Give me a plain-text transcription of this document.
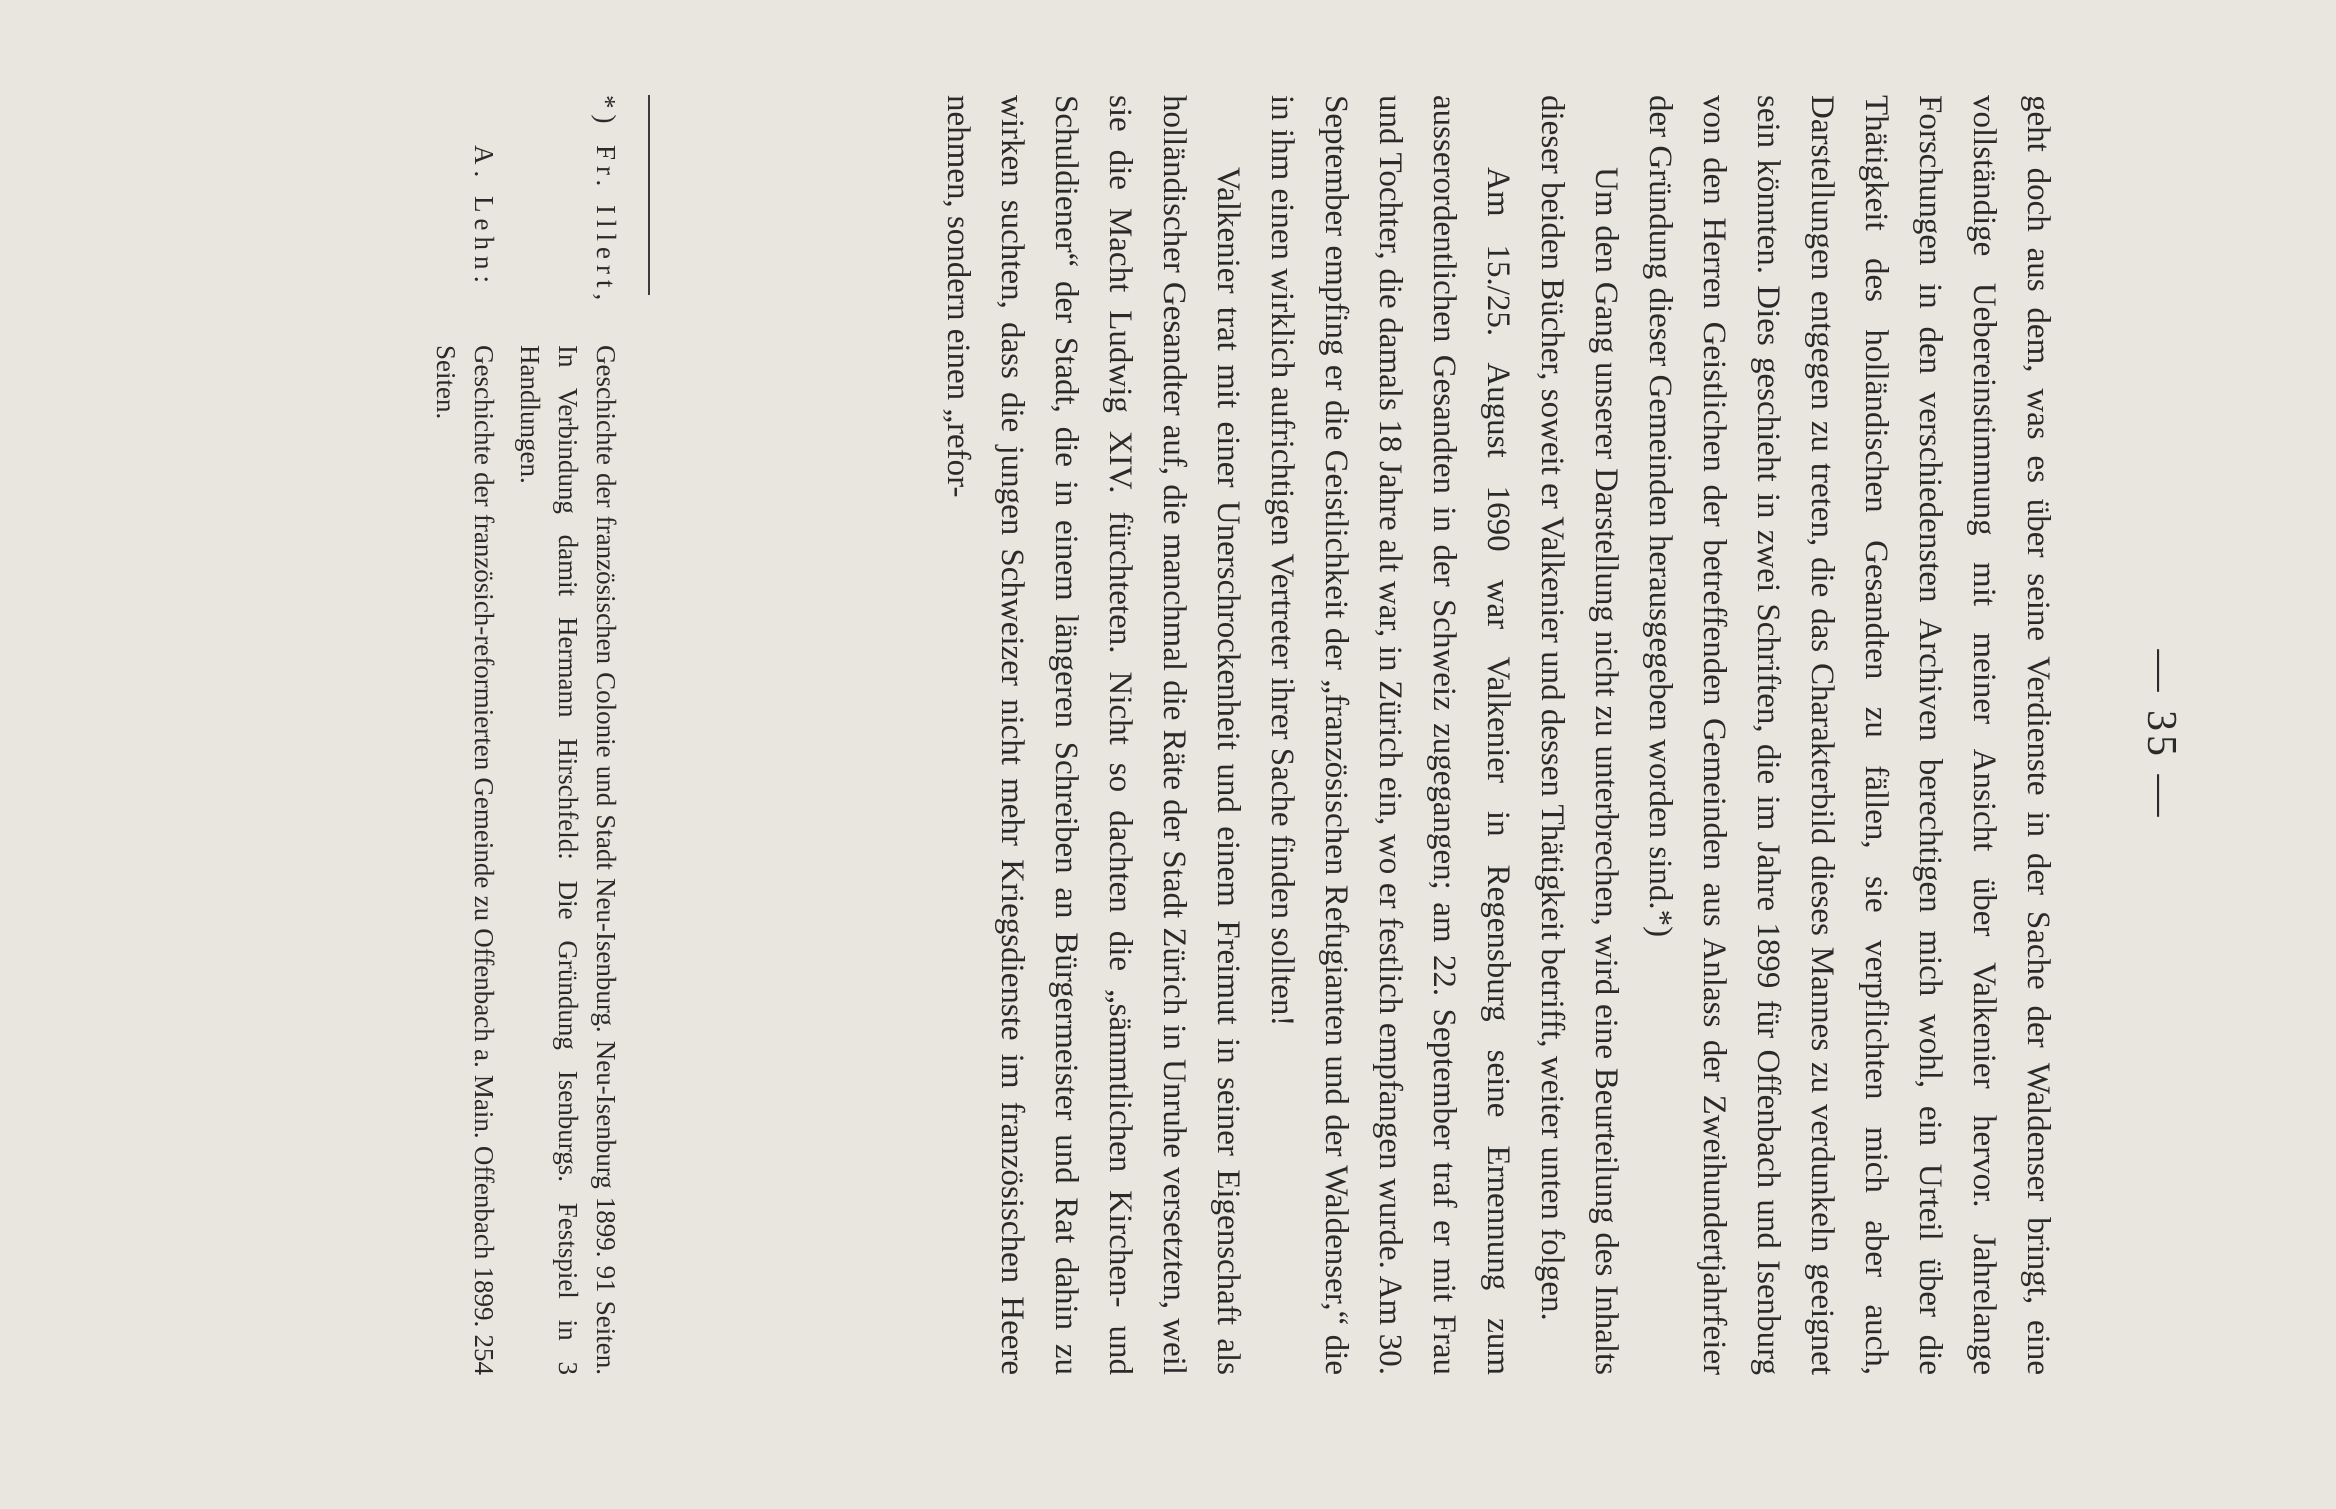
— 35 —

geht doch aus dem, was es über seine Verdienste in der Sache der Waldenser bringt, eine vollständige Uebereinstimmung mit meiner Ansicht über Valkenier hervor. Jahrelange Forschungen in den verschiedensten Archiven berechtigen mich wohl, ein Urteil über die Thätigkeit des holländischen Gesandten zu fällen, sie verpflichten mich aber auch, Darstellungen entgegen zu treten, die das Charakterbild dieses Mannes zu verdunkeln geeignet sein könnten. Dies geschieht in zwei Schriften, die im Jahre 1899 für Offenbach und Isenburg von den Herren Geistlichen der betreffenden Gemeinden aus Anlass der Zweihundertjahrfeier der Gründung dieser Gemeinden herausgegeben worden sind.*)

Um den Gang unserer Darstellung nicht zu unterbrechen, wird eine Beurteilung des Inhalts dieser beiden Bücher, soweit er Valkenier und dessen Thätigkeit betrifft, weiter unten folgen.

Am 15./25. August 1690 war Valkenier in Regensburg seine Ernennung zum ausserordentlichen Gesandten in der Schweiz zugegangen; am 22. September traf er mit Frau und Tochter, die damals 18 Jahre alt war, in Zürich ein, wo er festlich empfangen wurde. Am 30. September empfing er die Geistlichkeit der „französischen Refugianten und der Waldenser,“ die in ihm einen wirklich aufrichtigen Vertreter ihrer Sache finden sollten!

Valkenier trat mit einer Unerschrockenheit und einem Freimut in seiner Eigenschaft als holländischer Gesandter auf, die manchmal die Räte der Stadt Zürich in Unruhe versetzten, weil sie die Macht Ludwig XIV. fürchteten. Nicht so dachten die „sämmtlichen Kirchen- und Schuldiener“ der Stadt, die in einem längeren Schreiben an Bürgermeister und Rat dahin zu wirken suchten, dass die jungen Schweizer nicht mehr Kriegsdienste im französischen Heere nehmen, sondern einen „refor-

*)Fr. Illert,
Geschichte der französischen Colonie und Stadt Neu-Isenburg. Neu-Isenburg 1899. 91 Seiten. In Verbindung damit Hermann Hirschfeld: Die Gründung Isenburgs. Festspiel in 3 Handlungen.
A. Lehn:
Geschichte der französich-reformierten Gemeinde zu Offenbach a. Main. Offenbach 1899. 254 Seiten.
